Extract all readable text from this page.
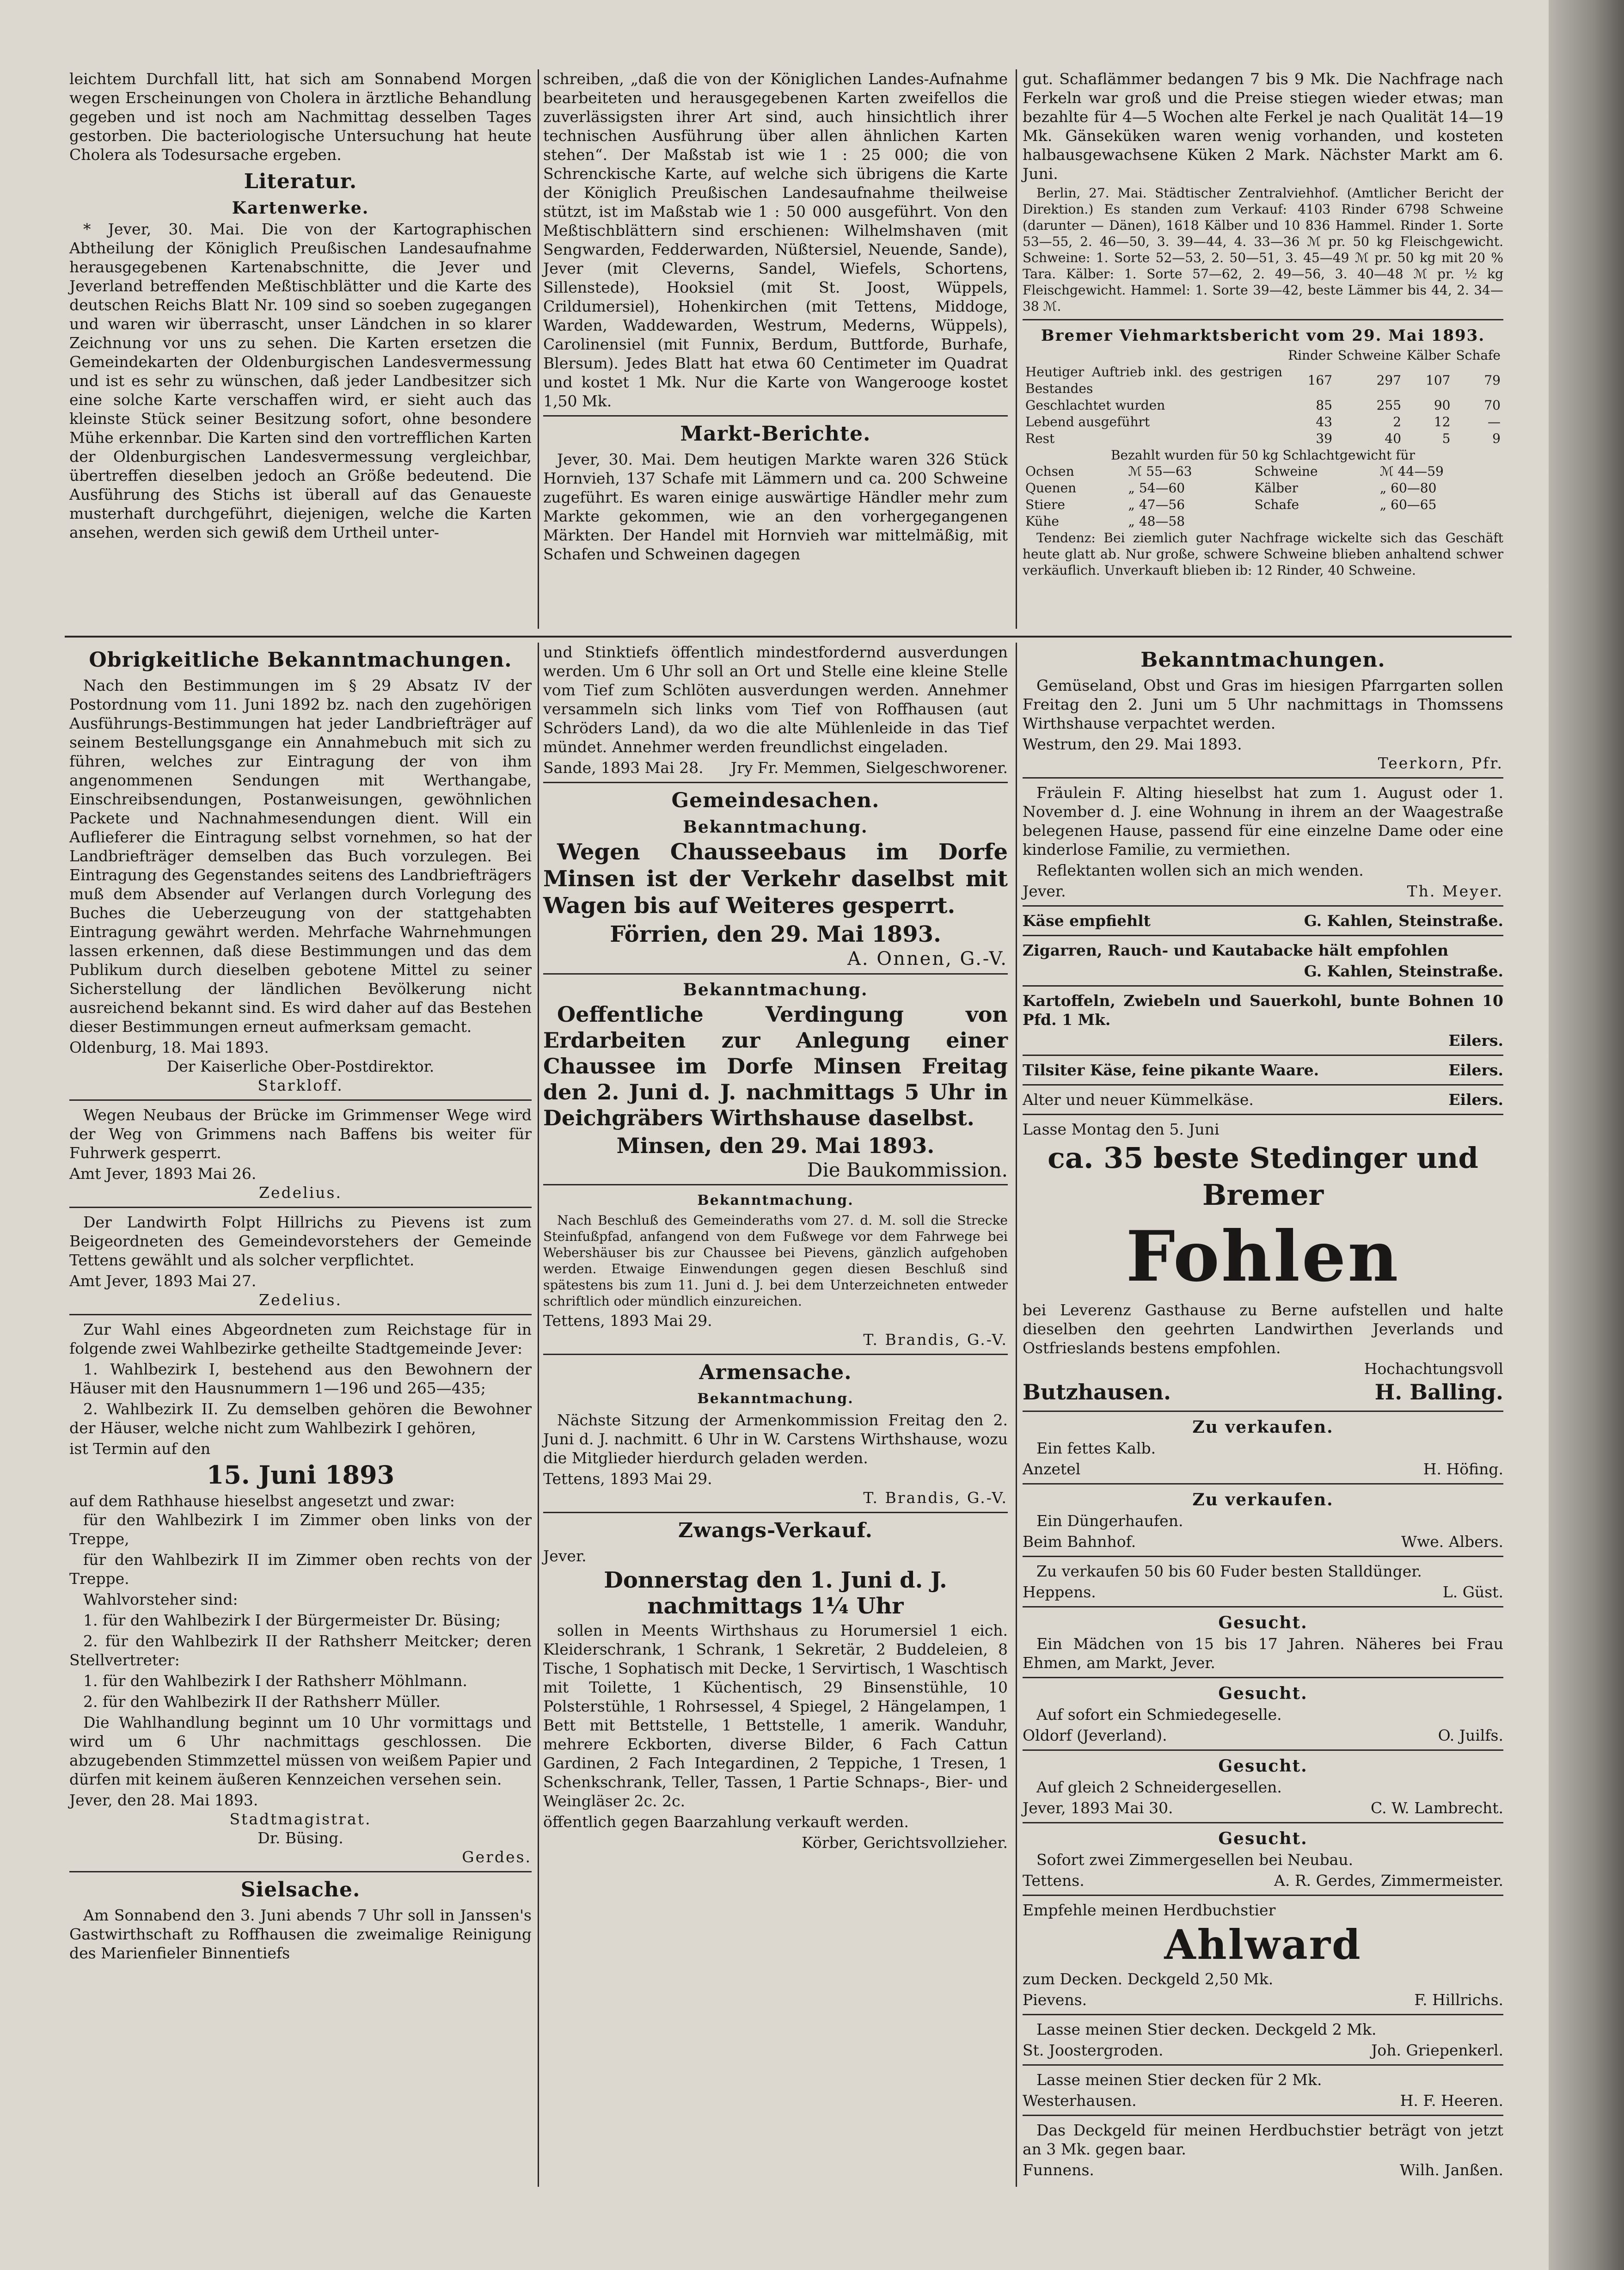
leichtem Durchfall litt, hat sich am Sonnabend Morgen wegen Erscheinungen von Cholera in ärztliche Behandlung gegeben und ist noch am Nachmittag desselben Tages gestorben. Die bacteriologische Untersuchung hat heute Cholera als Todesursache ergeben.

Literatur.
Kartenwerke.

* Jever, 30. Mai. Die von der Kartographischen Abtheilung der Königlich Preußischen Landesaufnahme herausgegebenen Kartenabschnitte, die Jever und Jeverland betreffenden Meßtischblätter und die Karte des deutschen Reichs Blatt Nr. 109 sind so soeben zugegangen und waren wir überrascht, unser Ländchen in so klarer Zeichnung vor uns zu sehen. Die Karten ersetzen die Gemeindekarten der Oldenburgischen Landesvermessung und ist es sehr zu wünschen, daß jeder Landbesitzer sich eine solche Karte verschaffen wird, er sieht auch das kleinste Stück seiner Besitzung sofort, ohne besondere Mühe erkennbar. Die Karten sind den vortrefflichen Karten der Oldenburgischen Landesvermessung vergleichbar, übertreffen dieselben jedoch an Größe bedeutend. Die Ausführung des Stichs ist überall auf das Genaueste musterhaft durchgeführt, diejenigen, welche die Karten ansehen, werden sich gewiß dem Urtheil unter-

schreiben, „daß die von der Königlichen Landes-Aufnahme bearbeiteten und herausgegebenen Karten zweifellos die zuverlässigsten ihrer Art sind, auch hinsichtlich ihrer technischen Ausführung über allen ähnlichen Karten stehen“. Der Maßstab ist wie 1 : 25 000; die von Schrenckische Karte, auf welche sich übrigens die Karte der Königlich Preußischen Landesaufnahme theilweise stützt, ist im Maßstab wie 1 : 50 000 ausgeführt. Von den Meßtischblättern sind erschienen: Wilhelmshaven (mit Sengwarden, Fedderwarden, Nüßtersiel, Neuende, Sande), Jever (mit Cleverns, Sandel, Wiefels, Schortens, Sillenstede), Hooksiel (mit St. Joost, Wüppels, Crildumersiel), Hohenkirchen (mit Tettens, Middoge, Warden, Waddewarden, Westrum, Mederns, Wüppels), Carolinensiel (mit Funnix, Berdum, Buttforde, Burhafe, Blersum). Jedes Blatt hat etwa 60 Centimeter im Quadrat und kostet 1 Mk. Nur die Karte von Wangerooge kostet 1,50 Mk.

Markt-Berichte.

Jever, 30. Mai. Dem heutigen Markte waren 326 Stück Hornvieh, 137 Schafe mit Lämmern und ca. 200 Schweine zugeführt. Es waren einige auswärtige Händler mehr zum Markte gekommen, wie an den vorhergegangenen Märkten. Der Handel mit Hornvieh war mittelmäßig, mit Schafen und Schweinen dagegen

gut. Schaflämmer bedangen 7 bis 9 Mk. Die Nachfrage nach Ferkeln war groß und die Preise stiegen wieder etwas; man bezahlte für 4—5 Wochen alte Ferkel je nach Qualität 14—19 Mk. Gänseküken waren wenig vorhanden, und kosteten halbausgewachsene Küken 2 Mark. Nächster Markt am 6. Juni.

Berlin, 27. Mai. Städtischer Zentralviehhof. (Amtlicher Bericht der Direktion.) Es standen zum Verkauf: 4103 Rinder 6798 Schweine (darunter — Dänen), 1618 Kälber und 10 836 Hammel. Rinder 1. Sorte 53—55, 2. 46—50, 3. 39—44, 4. 33—36 ℳ pr. 50 kg Fleischgewicht. Schweine: 1. Sorte 52—53, 2. 50—51, 3. 45—49 ℳ pr. 50 kg mit 20 % Tara. Kälber: 1. Sorte 57—62, 2. 49—56, 3. 40—48 ℳ pr. ½ kg Fleischgewicht. Hammel: 1. Sorte 39—42, beste Lämmer bis 44, 2. 34—38 ℳ.

Bremer Viehmarktsbericht vom 29. Mai 1893.
	Rinder	Schweine	Kälber	Schafe
Heutiger Auftrieb inkl. des gestrigen Bestandes	167	297	107	79
Geschlachtet wurden	85	255	90	70
Lebend ausgeführt	43	2	12	—
Rest	39	40	5	9
Bezahlt wurden für 50 kg Schlachtgewicht für
Ochsen	ℳ 55—63	Schweine	ℳ 44—59
Quenen	„ 54—60	Kälber	„ 60—80
Stiere	„ 47—56	Schafe	„ 60—65
Kühe	„ 48—58		

Tendenz: Bei ziemlich guter Nachfrage wickelte sich das Geschäft heute glatt ab. Nur große, schwere Schweine blieben anhaltend schwer verkäuflich. Unverkauft blieben ib: 12 Rinder, 40 Schweine.

Obrigkeitliche Bekanntmachungen.

Nach den Bestimmungen im § 29 Absatz IV der Postordnung vom 11. Juni 1892 bz. nach den zugehörigen Ausführungs-Bestimmungen hat jeder Landbriefträger auf seinem Bestellungsgange ein Annahmebuch mit sich zu führen, welches zur Eintragung der von ihm angenommenen Sendungen mit Werthangabe, Einschreibsendungen, Postanweisungen, gewöhnlichen Packete und Nachnahmesendungen dient. Will ein Auflieferer die Eintragung selbst vornehmen, so hat der Landbriefträger demselben das Buch vorzulegen. Bei Eintragung des Gegenstandes seitens des Landbriefträgers muß dem Absender auf Verlangen durch Vorlegung des Buches die Ueberzeugung von der stattgehabten Eintragung gewährt werden. Mehrfache Wahrnehmungen lassen erkennen, daß diese Bestimmungen und das dem Publikum durch dieselben gebotene Mittel zu seiner Sicherstellung der ländlichen Bevölkerung nicht ausreichend bekannt sind. Es wird daher auf das Bestehen dieser Bestimmungen erneut aufmerksam gemacht.

Oldenburg, 18. Mai 1893.
Der Kaiserliche Ober-Postdirektor.
Starkloff.

Wegen Neubaus der Brücke im Grimmenser Wege wird der Weg von Grimmens nach Baffens bis weiter für Fuhrwerk gesperrt.

Amt Jever, 1893 Mai 26.
Zedelius.

Der Landwirth Folpt Hillrichs zu Pievens ist zum Beigeordneten des Gemeindevorstehers der Gemeinde Tettens gewählt und als solcher verpflichtet.

Amt Jever, 1893 Mai 27.
Zedelius.

Zur Wahl eines Abgeordneten zum Reichstage für in folgende zwei Wahlbezirke getheilte Stadtgemeinde Jever:

1. Wahlbezirk I, bestehend aus den Bewohnern der Häuser mit den Hausnummern 1—196 und 265—435;

2. Wahlbezirk II. Zu demselben gehören die Bewohner der Häuser, welche nicht zum Wahlbezirk I gehören,

ist Termin auf den
15. Juni 1893
auf dem Rathhause hieselbst angesetzt und zwar:

für den Wahlbezirk I im Zimmer oben links von der Treppe,

für den Wahlbezirk II im Zimmer oben rechts von der Treppe.

Wahlvorsteher sind:

1. für den Wahlbezirk I der Bürgermeister Dr. Büsing;

2. für den Wahlbezirk II der Rathsherr Meitcker; deren Stellvertreter:

1. für den Wahlbezirk I der Rathsherr Möhlmann.

2. für den Wahlbezirk II der Rathsherr Müller.

Die Wahlhandlung beginnt um 10 Uhr vormittags und wird um 6 Uhr nachmittags geschlossen. Die abzugebenden Stimmzettel müssen von weißem Papier und dürfen mit keinem äußeren Kennzeichen versehen sein.

Jever, den 28. Mai 1893.
Stadtmagistrat.
Dr. Büsing.
Gerdes.
Sielsache.

Am Sonnabend den 3. Juni abends 7 Uhr soll in Janssen's Gastwirthschaft zu Roffhausen die zweimalige Reinigung des Marienfieler Binnentiefs

und Stinktiefs öffentlich mindestfordernd ausverdungen werden. Um 6 Uhr soll an Ort und Stelle eine kleine Stelle vom Tief zum Schlöten ausverdungen werden. Annehmer versammeln sich links vom Tief von Roffhausen (aut Schröders Land), da wo die alte Mühlenleide in das Tief mündet. Annehmer werden freundlichst eingeladen.

Sande, 1893 Mai 28. Jry Fr. Memmen, Sielgeschworener.
Gemeindesachen.
Bekanntmachung.

Wegen Chausseebaus im Dorfe Minsen ist der Verkehr daselbst mit Wagen bis auf Weiteres gesperrt.

Förrien, den 29. Mai 1893.
A. Onnen, G.-V.
Bekanntmachung.

Oeffentliche Verdingung von Erdarbeiten zur Anlegung einer Chaussee im Dorfe Minsen Freitag den 2. Juni d. J. nachmittags 5 Uhr in Deichgräbers Wirthshause daselbst.

Minsen, den 29. Mai 1893.
Die Baukommission.
Bekanntmachung.

Nach Beschluß des Gemeinderaths vom 27. d. M. soll die Strecke Steinfußpfad, anfangend von dem Fußwege vor dem Fahrwege bei Webershäuser bis zur Chaussee bei Pievens, gänzlich aufgehoben werden. Etwaige Einwendungen gegen diesen Beschluß sind spätestens bis zum 11. Juni d. J. bei dem Unterzeichneten entweder schriftlich oder mündlich einzureichen.

Tettens, 1893 Mai 29.
T. Brandis, G.-V.
Armensache.
Bekanntmachung.

Nächste Sitzung der Armenkommission Freitag den 2. Juni d. J. nachmitt. 6 Uhr in W. Carstens Wirthshause, wozu die Mitglieder hierdurch geladen werden.

Tettens, 1893 Mai 29.
T. Brandis, G.-V.
Zwangs-Verkauf.
Jever.
Donnerstag den 1. Juni d. J. nachmittags 1¼ Uhr

sollen in Meents Wirthshaus zu Horumersiel 1 eich. Kleiderschrank, 1 Schrank, 1 Sekretär, 2 Buddeleien, 8 Tische, 1 Sophatisch mit Decke, 1 Servirtisch, 1 Waschtisch mit Toilette, 1 Küchentisch, 29 Binsenstühle, 10 Polsterstühle, 1 Rohrsessel, 4 Spiegel, 2 Hängelampen, 1 Bett mit Bettstelle, 1 Bettstelle, 1 amerik. Wanduhr, mehrere Eckborten, diverse Bilder, 6 Fach Cattun Gardinen, 2 Fach Integardinen, 2 Teppiche, 1 Tresen, 1 Schenkschrank, Teller, Tassen, 1 Partie Schnaps-, Bier- und Weingläser 2c. 2c.

öffentlich gegen Baarzahlung verkauft werden.

Körber, Gerichtsvollzieher.
Bekanntmachungen.

Gemüseland, Obst und Gras im hiesigen Pfarrgarten sollen Freitag den 2. Juni um 5 Uhr nachmittags in Thomssens Wirthshause verpachtet werden.

Westrum, den 29. Mai 1893.
Teerkorn, Pfr.

Fräulein F. Alting hieselbst hat zum 1. August oder 1. November d. J. eine Wohnung in ihrem an der Waagestraße belegenen Hause, passend für eine einzelne Dame oder eine kinderlose Familie, zu vermiethen.

Reflektanten wollen sich an mich wenden.

Jever.	Th. Meyer.
Käse empfiehlt	G. Kahlen, Steinstraße.

Zigarren, Rauch- und Kautabacke hält empfohlen

G. Kahlen, Steinstraße.

Kartoffeln, Zwiebeln und Sauerkohl, bunte Bohnen 10 Pfd. 1 Mk.

Eilers.
Tilsiter Käse, feine pikante Waare.	Eilers.
Alter und neuer Kümmelkäse.	Eilers.
Lasse Montag den 5. Juni
ca. 35 beste Stedinger und
Bremer
Fohlen

bei Leverenz Gasthause zu Berne aufstellen und halte dieselben den geehrten Landwirthen Jeverlands und Ostfrieslands bestens empfohlen.

Hochachtungsvoll
Butzhausen.	H. Balling.
Zu verkaufen.

Ein fettes Kalb.

Anzetel	H. Höfing.
Zu verkaufen.

Ein Düngerhaufen.

Beim Bahnhof.	Wwe. Albers.

Zu verkaufen 50 bis 60 Fuder besten Stalldünger.

Heppens.	L. Güst.
Gesucht.

Ein Mädchen von 15 bis 17 Jahren. Näheres bei Frau Ehmen, am Markt, Jever.

Gesucht.

Auf sofort ein Schmiedegeselle.

Oldorf (Jeverland).	O. Juilfs.
Gesucht.

Auf gleich 2 Schneidergesellen.

Jever, 1893 Mai 30.	C. W. Lambrecht.
Gesucht.

Sofort zwei Zimmergesellen bei Neubau.

Tettens.	A. R. Gerdes, Zimmermeister.

Empfehle meinen Herdbuchstier

Ahlward

zum Decken. Deckgeld 2,50 Mk.

Pievens.	F. Hillrichs.

Lasse meinen Stier decken. Deckgeld 2 Mk.

St. Joostergroden.	Joh. Griepenkerl.

Lasse meinen Stier decken für 2 Mk.

Westerhausen.	H. F. Heeren.

Das Deckgeld für meinen Herdbuchstier beträgt von jetzt an 3 Mk. gegen baar.

Funnens.	Wilh. Janßen.
